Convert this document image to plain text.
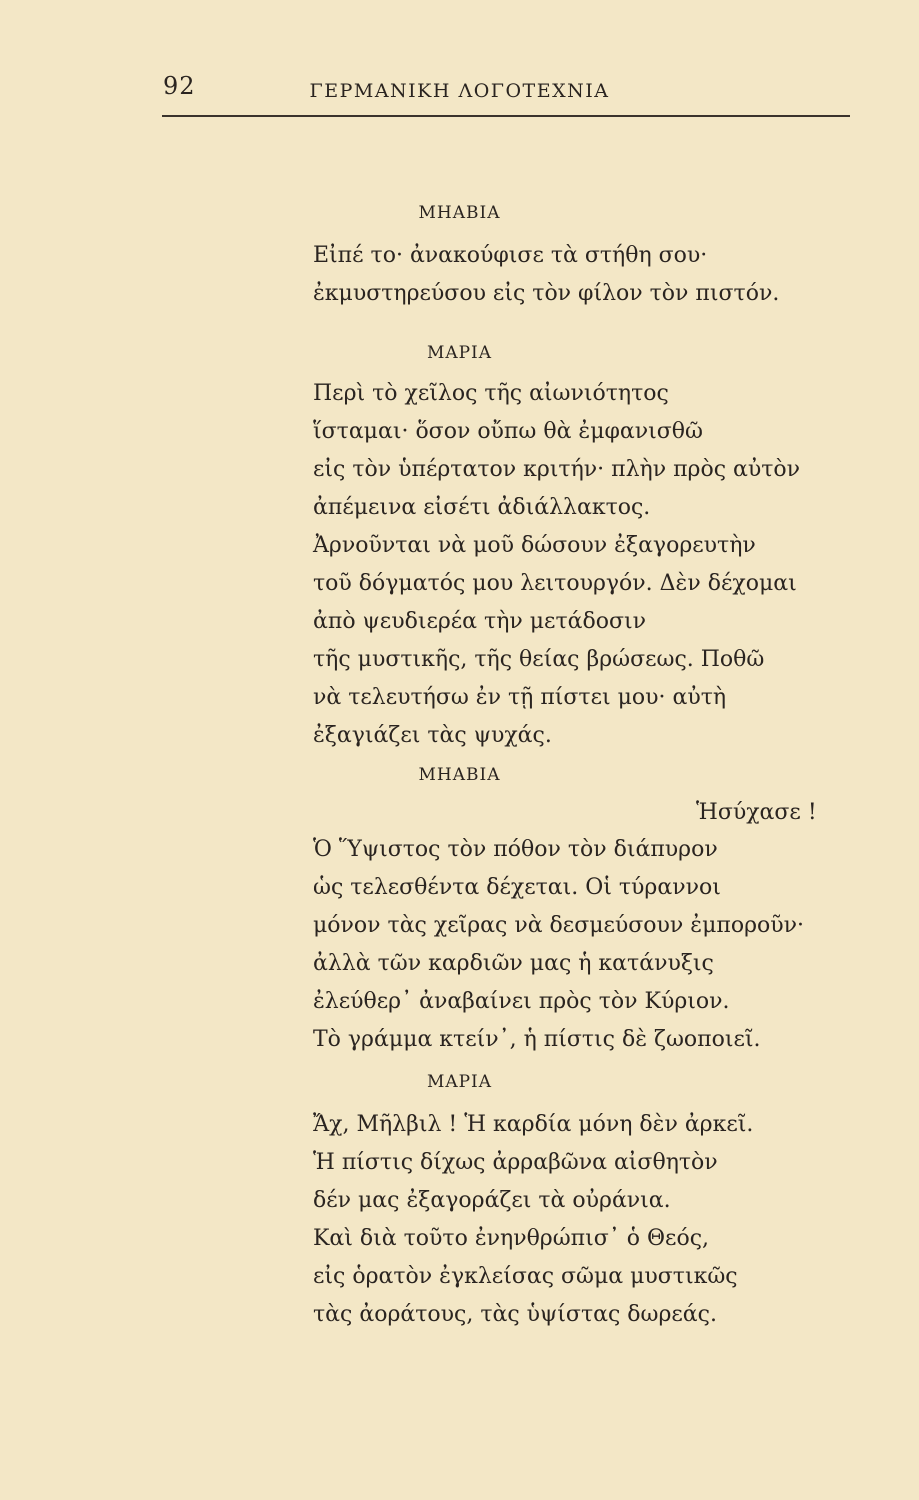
92	ΓΕΡΜΑΝΙΚΗ ΛΟΓΟΤΕΧΝΙΑ
ΜΗΑΒΙΑ
Εἰπέ το· ἀνακούφισε τὰ στήθη σου·
ἐκμυστηρεύσου εἰς τὸν φίλον τὸν πιστόν.
ΜΑΡΙΑ
Περὶ τὸ χεῖλος τῆς αἰωνιότητος
ἵσταμαι· ὅσον οὔπω θὰ ἐμφανισθῶ
εἰς τὸν ὑπέρτατον κριτήν· πλὴν πρὸς αὐτὸν
ἀπέμεινα εἰσέτι ἀδιάλλακτος.
Ἀρνοῦνται νὰ μοῦ δώσουν ἐξαγορευτὴν
τοῦ δόγματός μου λειτουργόν. Δὲν δέχομαι
ἀπὸ ψευδιερέα τὴν μετάδοσιν
τῆς μυστικῆς, τῆς θείας βρώσεως. Ποθῶ
νὰ τελευτήσω ἐν τῇ πίστει μου· αὐτὴ
ἐξαγιάζει τὰς ψυχάς.
ΜΗΑΒΙΑ
Ἡσύχασε !
Ὁ Ὕψιστος τὸν πόθον τὸν διάπυρον
ὡς τελεσθέντα δέχεται. Οἱ τύραννοι
μόνον τὰς χεῖρας νὰ δεσμεύσουν ἐμποροῦν·
ἀλλὰ τῶν καρδιῶν μας ἡ κατάνυξις
ἐλεύθερ᾽ ἀναβαίνει πρὸς τὸν Κύριον.
Τὸ γράμμα κτείν᾽, ἡ πίστις δὲ ζωοποιεῖ.
ΜΑΡΙΑ
Ἄχ, Μῆλβιλ ! Ἡ καρδία μόνη δὲν ἀρκεῖ.
Ἡ πίστις δίχως ἀρραβῶνα αἰσθητὸν
δέν μας ἐξαγοράζει τὰ οὐράνια.
Καὶ διὰ τοῦτο ἐνηνθρώπισ᾽ ὁ Θεός,
εἰς ὁρατὸν ἐγκλείσας σῶμα μυστικῶς
τὰς ἀοράτους, τὰς ὑψίστας δωρεάς.
